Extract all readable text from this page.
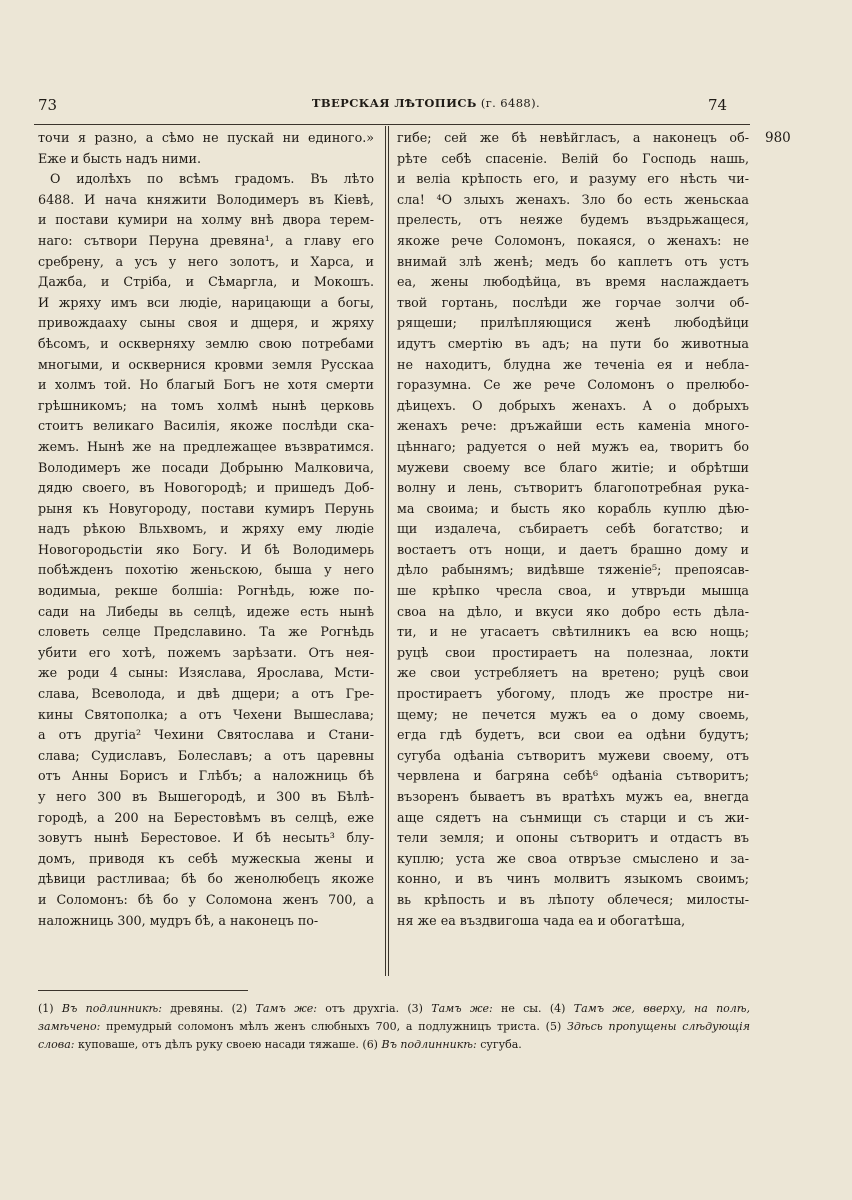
73	ТВЕРСКАЯ ЛѢТОПИСЬ (г. 6488).	74
точи я разно, а сѣмо не пускай ни единого.»
Еже и бысть надъ ними.
О идолѣхъ по всѣмъ градомъ. Въ лѣто
6488. И нача княжити Володимеръ въ Кіевѣ,
и постави кумири на холму внѣ двора терем-
наго: сътвори Перуна древяна¹, а главу его
сребрену, а усъ у него золотъ, и Харса, и
Дажба, и Стрiба, и Сѣмаргла, и Мокошъ.
И жряху имъ вси людіе, нарицающи а богы,
привождааху сыны своя и дщеря, и жряху
бѣсомъ, и оскверняху землю свою потребами
многыми, и осквернися кровми земля Русскаа
и холмъ той. Но благый Богъ не хотя смерти
грѣшникомъ; на томъ холмѣ нынѣ церковь
стоитъ великаго Василія, якоже послѣди ска-
жемъ. Нынѣ же на предлежащее възвратимся.
Володимеръ же посади Добрыню Малковича,
дядю своего, въ Новогородѣ; и пришедъ Доб-
рыня къ Новугороду, постави кумиръ Перунь
надъ рѣкою Вльхвомъ, и жряху ему людіе
Новогородьстіи яко Богу. И бѣ Володимерь
побѣжденъ похотію женьскою, быша у него
водимыа, рекше болшіа: Рогнѣдь, юже по-
сади на Либеды вь селцѣ, идеже есть нынѣ
словеть селце Предславино. Та же Рогнѣдь
убити его хотѣ, пожемъ зарѣзати. Отъ нея-
же роди 4 сыны: Изяслава, Ярослава, Мсти-
слава, Всеволода, и двѣ дщери; а отъ Гре-
кины Святополка; а отъ Чехени Вышеслава;
а отъ другіа² Чехини Святослава и Стани-
слава; Судиславъ, Болеславъ; а отъ царевны
отъ Анны Борисъ и Глѣбъ; а наложниць бѣ
у него 300 въ Вышегородѣ, и 300 въ Бѣлѣ-
городѣ, а 200 на Берестовѣмъ въ селцѣ, еже
зовутъ нынѣ Берестовое. И бѣ несыть³ блу-
домъ, приводя къ себѣ мужескыа жены и
дѣвици растливаа; бѣ бо женолюбецъ якоже
и Соломонъ: бѣ бо у Соломона женъ 700, а
наложниць 300, мудръ бѣ, а наконецъ по-
гибе; сей же бѣ невѣйгласъ, а наконецъ об-
рѣте себѣ спасеніе. Велій бо Господь нашь,
и веліа крѣпость его, и разуму его нѣсть чи-
сла! ⁴О злыхъ женахъ. Зло бо есть женьскаа
прелесть, отъ неяже будемъ въздрьжащеся,
якоже рече Соломонъ, покаяся, о женахъ: не
внимай злѣ женѣ; медъ бо каплетъ отъ устъ
еа, жены любодѣйца, въ время наслаждаетъ
твой гортань, послѣди же горчае золчи об-
рящеши; прилѣпляющися женѣ любодѣйци
идутъ смертію въ адъ; на пути бо животныа
не находитъ, блудна же теченіа ея и небла-
горазумна. Се же рече Соломонъ о прелюбо-
дѣицехъ. О добрыхъ женахъ. А о добрыхъ
женахъ рече: дръжайши есть каменіа много-
цѣннаго; радуется о ней мужъ еа, творитъ бо
мужеви своему все благо житіе; и обрѣтши
волну и лень, сътворитъ благопотребная рука-
ма своима; и бысть яко корабль куплю дѣю-
щи издалеча, събираетъ себѣ богатство; и
востаетъ отъ нощи, и даетъ брашно дому и
дѣло рабынямъ; видѣвше тяженіе⁵; препоясав-
ше крѣпко чресла своа, и утвръди мышца
своа на дѣло, и вкуси яко добро есть дѣла-
ти, и не угасаетъ свѣтилникъ еа всю нощь;
руцѣ свои простираетъ на полезнаа, локти
же свои устребляетъ на вретено; руцѣ свои
простираетъ убогому, плодъ же простре ни-
щему; не печется мужъ еа о дому своемь,
егда гдѣ будетъ, вси свои еа одѣни будутъ;
сугуба одѣаніа сътворитъ мужеви своему, отъ
червлена и багряна себѣ⁶ одѣаніа сътворитъ;
възоренъ бываетъ въ вратѣхъ мужъ еа, внегда
аще сядетъ на сънмищи съ старци и съ жи-
тели земля; и опоны сътворитъ и отдастъ въ
куплю; уста же своа отвръзе смыслено и за-
конно, и въ чинъ молвитъ языкомъ своимъ;
вь крѣпость и въ лѣпоту облечеся; милосты-
ня же еа въздвигоша чада еа и обогатѣша,
980
(1) Въ подлинникѣ: древяны. (2) Тамъ же: отъ друхгіа. (3) Тамъ же: не сы. (4) Тамъ же, вверху, на полѣ,
замѣчено: премудрый соломонъ мѣлъ женъ слюбныхъ 700, а подлужницъ триста. (5) Здѣсь пропущены слѣдующія
слова: куповаше, отъ дѣлъ руку своею насади тяжаше. (6) Въ подлинникѣ: сугуба.
